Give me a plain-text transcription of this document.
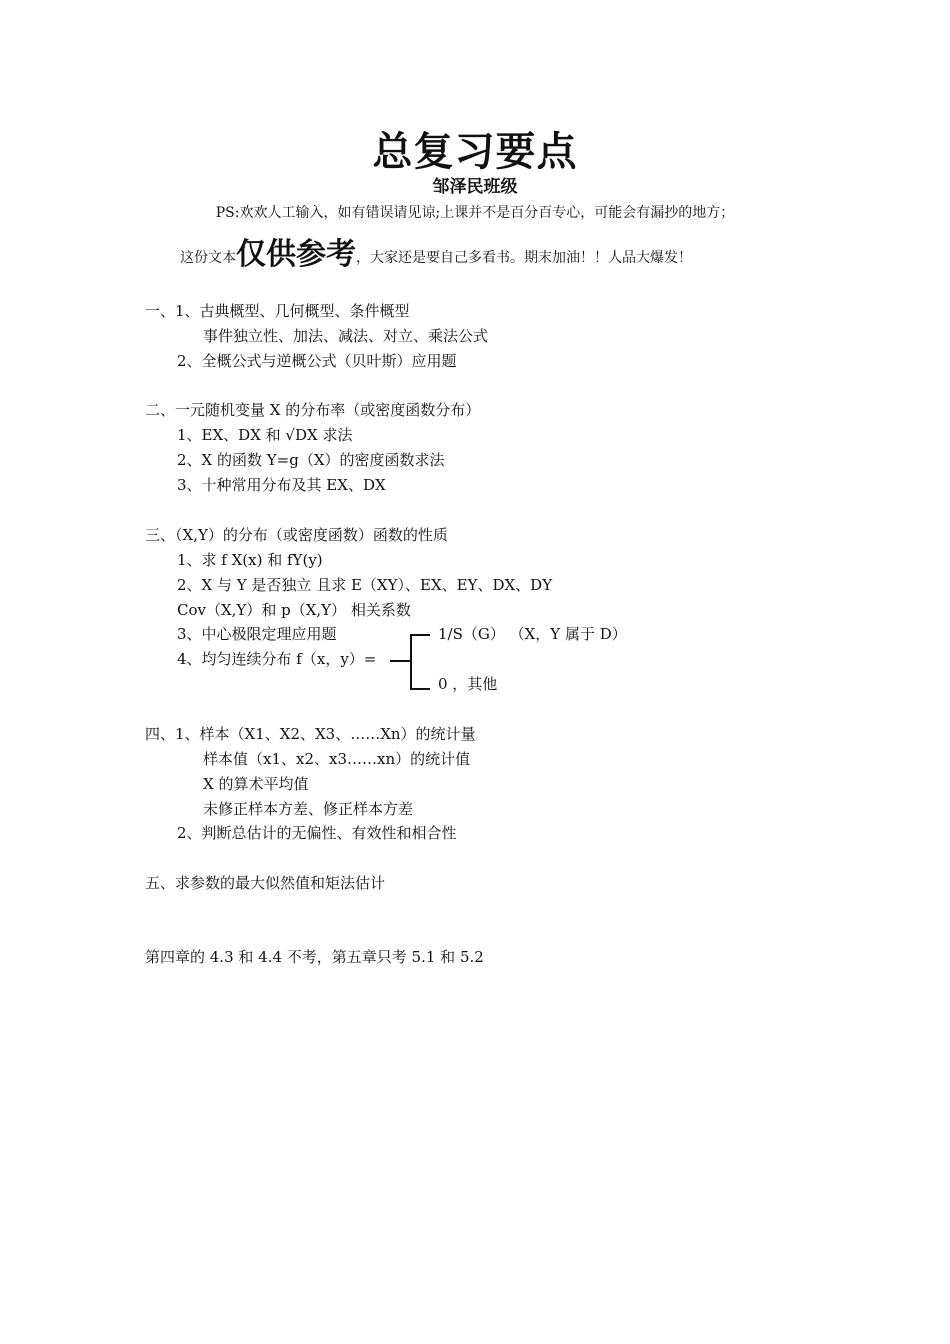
总复习要点
邹泽民班级
PS:欢欢人工输入，如有错误请见谅;上课并不是百分百专心，可能会有漏抄的地方；
这份文本仅供参考，大家还是要自己多看书。期末加油！！人品大爆发！
一、1、古典概型、几何概型、条件概型
事件独立性、加法、减法、对立、乘法公式
2、全概公式与逆概公式（贝叶斯）应用题
二、一元随机变量 X 的分布率（或密度函数分布）
1、EX、DX 和 √DX 求法
2、X 的函数 Y=g（X）的密度函数求法
3、十种常用分布及其 EX、DX
三、（X,Y）的分布（或密度函数）函数的性质
1、求 f X(x) 和 fY(y)
2、X 与 Y 是否独立 且求 E（XY）、EX、EY、DX、DY
Cov（X,Y）和 p（X,Y） 相关系数
3、中心极限定理应用题
4、均匀连续分布 f（x，y）=
1/S（G） （X，Y 属于 D）
0 ，其他
四、1、样本（X1、X2、X3、……Xn）的统计量
样本值（x1、x2、x3……xn）的统计值
X 的算术平均值
未修正样本方差、修正样本方差
2、判断总估计的无偏性、有效性和相合性
五、求参数的最大似然值和矩法估计
第四章的 4.3 和 4.4 不考，第五章只考 5.1 和 5.2
